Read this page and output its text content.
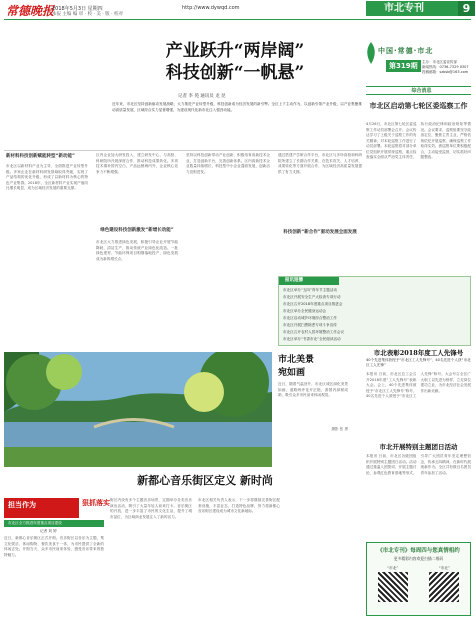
常德晚报
2018年5月3日 星期四	http://www.dywqd.com	市北专刊	9
本报 主编 编 审 · 校 · 美 · 版 · 校对
产业跃升“两岸阔”
科技创新“一帆悬”
记者 李 苑 通讯员 龙 昆
近年来，市北区坚持创新驱动发展战略，大力推进产业转型升级，科技创新成为经济发展的新引擎。全区上下主动作为，以创新引领产业升级，以产业集聚推动高质量发展，区域综合实力显著增强，为建设现代化新市北注入强劲动能。
新材料科技创新赋能转型“新动能”
市北区以新材料产业为主导，全面推进产业转型升级。多家企业在新材料研发领域取得突破，实现了产品结构的优化升级，形成了以新材料为核心的特色产业集群。2018年，全区新材料产业实现产值同比增长明显，成为区域经济发展的重要支撑。
区内企业加大研发投入，建立研发中心，与高校、科研院所开展深度合作，推动科技成果转化。多项技术填补国内空白，产品远销海内外，企业核心竞争力不断增强。
绿色建设科技创新激发“新增长动能”
市北区大力推进绿色发展，积极引导企业开展节能降耗、清洁生产，推动传统产业绿色化改造。一批绿色建材、节能环保项目相继落地投产，绿色发展成为新的增长点。
坚持以科技创新带动产业创新，积极培育高新技术企业，打造创新平台，完善创新体系。区内高新技术企业数量持续增长，科技型中小企业蓬勃发展，创新活力竞相迸发。
通过搭建产学研合作平台，市北区与多所高校和科研院所建立了长期合作关系，在技术攻关、人才培养、成果转化等方面开展合作，为区域经济高质量发展提供了有力支撑。
科技创新“新合作”驱动发展全面发展
中国·常德·市北
第319期	主办：市北区委宣传部
新闻热线：0736-7329 0307
投稿邮箱：szbsb@163.com
综合消息
市北区启动第七轮区委巡察工作
4月26日，市北区第七轮区委巡察工作动员部署会召开。会议传达学习了上级关于巡察工作的有关精神，对本轮巡察工作进行了动员部署。本轮巡察将对部分单位党组织开展常规巡察，重点检查落实全面从严治党主体责任、执行政治纪律和政治规矩等情况。会议要求，巡察组要坚守政治定位，聚焦主责主业，严格依规依纪开展巡察，确保巡察工作取得实效。被巡察单位要积极配合，主动接受监督，切实抓好问题整改。
报讯短播
市北区举办“五四”青年节主题活动
市北区开展安全生产大检查专项行动
市北区召开2018年度重点项目推进会
市北区举办全民健身运动会
市北区启动城乡环境综合整治工作
市北区开展扫黑除恶专项斗争宣传
市北区召开农村人居环境整治工作会议
市北区举办“书香市北”全民阅读活动
市北美景
宛如画
近日，随着气温回升，市北区城区绿化美景如画，道路两旁花开正艳，游园内绿树成荫，吸引众多市民前来休闲观赏。
摄影 张 勇
市北表彰2018年度工人先锋号
40个先进集体获授予“市北区工人先锋号”，40名先进个人获“市北区工人先锋”
本报讯 日前，市北区总工会召开2018年度“工人先锋号”表彰大会。会上，40个先进集体被授予“市北区工人先锋号”称号，40名先进个人被授予“市北区工人先锋”称号。大会号召全区广大职工以先进为榜样，立足岗位建功立业，为市北经济社会发展作出新贡献。
新都心音乐街区定义 新时尚
担当作为	狠抓落实
市北区全力推进年度重点项目建设
记者 刘 婷
近日，新都心音乐街区正式开街。音乐街区以音乐为主题，集文化娱乐、休闲购物、餐饮美食于一体，为市民提供了全新的休闲去处。开街当天，众多市民前来体验，感受音乐带来的独特魅力。
街区内设有多个主题音乐场景，定期举办各类音乐演出活动，吸引了大量年轻人前来打卡。音乐街区的开放，进一步丰富了市民的文化生活，提升了城市品位，为区域商业发展注入了新的活力。
市北区相关负责人表示，下一步将继续完善街区配套设施，丰富业态，打造特色品牌，努力将新都心音乐街区建设成为城市文化新地标。
市北开展特别主题团日活动
本报讯 日前，市北区各级团组织开展特别主题团日活动。活动通过重温入团誓词、开展主题讨论、参观红色教育基地等形式，引导广大团员青年坚定理想信念，传承五四精神，在新时代展现新作为。全区共有数百名团员青年参加了活动。
《市北专刊》每周四与您真情相约
更多精彩内容欢迎扫描二维码
“市北”	“市北”
